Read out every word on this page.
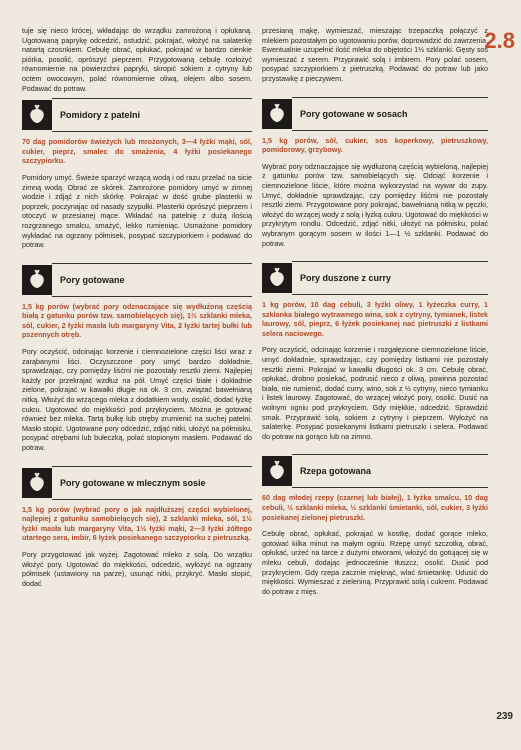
2.8
239

tuje się nieco krócej, wkładając do wrządku zamrożoną i opłukaną. Ugotowaną paprykę odcedzić, ostudzić, pokrajać, włożyć na salaterkę natartą czosnkiem. Cebulę obrać, opłukać, pokrajać w bardzo cienkie piórka, posolić, oprószyć pieprzem. Przygotowaną cebulę rozłożyć równomiernie na powierzchni papryki, skropić sokiem z cytryny lub octem owocowym, polać równomiernie oliwą, olejem albo sosem. Podawać do potraw.

Pomidory z patelni

70 dag pomidorów świeżych lub mrożonych, 3—4 łyżki mąki, sól, cukier, pieprz, smalec do smażenia, 4 łyżki posiekanego szczypiorku.

Pomidory umyć. Świeże sparzyć wrzącą wodą i od razu przelać na sicie zimną wodą. Obrać ze skórek. Zamrożone pomidory umyć w zimnej wodzie i zdjąć z nich skórkę. Pokrajać w dość grube plasterki w poprzek, poczynając od nasady szypułki. Plasterki oprószyć pieprzem i otoczyć w przesianej mące. Wkładać na patelnię z dużą ilością rozgrzanego smalcu, smażyć, lekko rumieniąc. Usmażone pomidory wykładać na ogrzany półmisek, posypać szczypiorkiem i podawać do potraw.

Pory gotowane

1,5 kg porów (wybrać pory odznaczające się wydłużoną częścią białą z gatunku porów tzw. samobielących się), 1½ szklanki mleka, sól, cukier, 2 łyżki masła lub margaryny Vita, 2 łyżki tartej bułki lub pszennych otręb.

Pory oczyścić, odcinając korzenie i ciemnozielone części liści wraz z zarąbanymi liści. Oczyszczone pory umyć bardzo dokładnie, sprawdzając, czy pomiędzy liśćmi nie pozostały resztki ziemi. Najlepiej każdy por przekrajać wzdłuż na pół. Umyć części białe i dokładnie zielone, pokrajać w kawałki długie na ok. 3 cm, związać bawełnianą nitką. Włożyć do wrzącego mleka z dodatkiem wody, osolić, dodać łyżkę cukru. Ugotować do miękkości pod przykryciem. Można je gotować również bez mleka. Tartą bułkę lub otręby zrumienić na suchej patelni. Masło stopić. Ugotowane pory odcedzić, zdjąć nitki, ułożyć na półmisku, posypać otrębami lub bułeczką, polać stopionym masłem. Podawać do potraw.

Pory gotowane w mlecznym sosie

1,5 kg porów (wybrać pory o jak najdłuższej części wybielonej, najlepiej z gatunku samobielących się), 2 szklanki mleka, sól, 1½ łyżki masła lub margaryny Vita, 1½ łyżki mąki, 2—3 łyżki żółtego utartego sera, imbir, 6 łyżek posiekanego szczypiorku z pietruszką.

Pory przygotować jak wyżej. Zagotować mleko z solą. Do wrzątku włożyć pory. Ugotować do miękkości, odcedzić, wyłożyć na ogrzany półmisek (ustawiony na parze), usunąć nitki, przykryć. Masło stopić, dodać

przesianą mąkę, wymieszać, mieszając trzepaczką połączyć z mlekiem pozostałym po ugotowaniu porów, doprowadzić do zawrzenia. Ewentualnie uzupełnić ilość mleka do objętości 1½ szklanki. Gęsty sos wymieszać z serem. Przyprawić solą i imbirem. Pory polać sosem, posypać szczypiorkiem z pietruszką. Podawać do potraw lub jako przystawkę z pieczywem.

Pory gotowane w sosach

1,5 kg porów, sól, cukier, sos koperkowy, pietruszkowy, pomidorowy, grzybowy.

Wybrać pory odznaczające się wydłużoną częścią wybieloną, najlepiej z gatunku porów tzw. samobielących się. Odciąć korzenie i ciemnozielone liście, które można wykorzystać na wywar do zupy. Umyć, dokładnie sprawdzając, czy pomiędzy liśćmi nie pozostały resztki ziemi. Przygotowane pory pokrajać, bawełnianą nitką w pęczki, włożyć do wrzącej wody z solą i łyżką cukru. Ugotować do miękkości w przykrytym rondlu. Odcedzić, zdjąć nitki, ułożyć na półmisku, polać wybranym gorącym sosem w ilości 1—1 ½ szklanki. Podawać do potraw.

Pory duszone z curry

1 kg porów, 10 dag cebuli, 3 łyżki oliwy, 1 łyżeczka curry, 1 szklanka białego wytrawnego wina, sok z cytryny, tymianek, listek laurowy, sól, pieprz, 6 łyżek posiekanej nać pietruszki z listkami selera naciowego.

Pory oczyścić, odcinając korzenie i rozgałęzione ciemnozielone liście, umyć dokładnie, sprawdzając, czy pomiędzy listkami nie pozostały resztki ziemi. Pokrajać w kawałki długości ok. 3 cm. Cebulę obrać, opłukać, drobno posiekać, podrusić nieco z oliwą, powinna pozostać biała, nie rumienić, dodać curry, wino, sok z ½ cytryny, nieco tymianku i listek laurowy. Zagotować, do wrzącej włożyć pory, osolić. Dusić na wolnym ogniu pod przykryciem. Gdy miękkie, odcedzić. Sprawdzić smak. Przyprawić solą, sokiem z cytryny i pieprzem. Wyłożyć na salaterkę. Posypać posiekanymi listkami pietruszki i selera. Podawać do potraw na gorąco lub na zimno.

Rzepa gotowana

60 dag młodej rzepy (czarnej lub białej), 1 łyżka smalcu, 10 dag cebuli, ½ szklanki mleka, ½ szklanki śmietanki, sól, cukier, 3 łyżki posiekanej zielonej pietruszki.

Cebulę obrać, opłukać, pokrajać w kostkę, dodać gorące mleko, gotować kilka minut na małym ogniu. Rzepę umyć szczotką, obrać, opłukać, urżeć na tarce z dużymi otworami, włożyć do gotującej się w mleku cebuli, dodając jednocześnie tłuszcz, osolić. Dusić pod przykryciem. Gdy rzepa zacznie mięknąć, wlać śmietankę. Udusić do miękkości. Wymieszać z zieleniną. Przyprawić solą i cukrem. Podawać do potraw z mięs.
